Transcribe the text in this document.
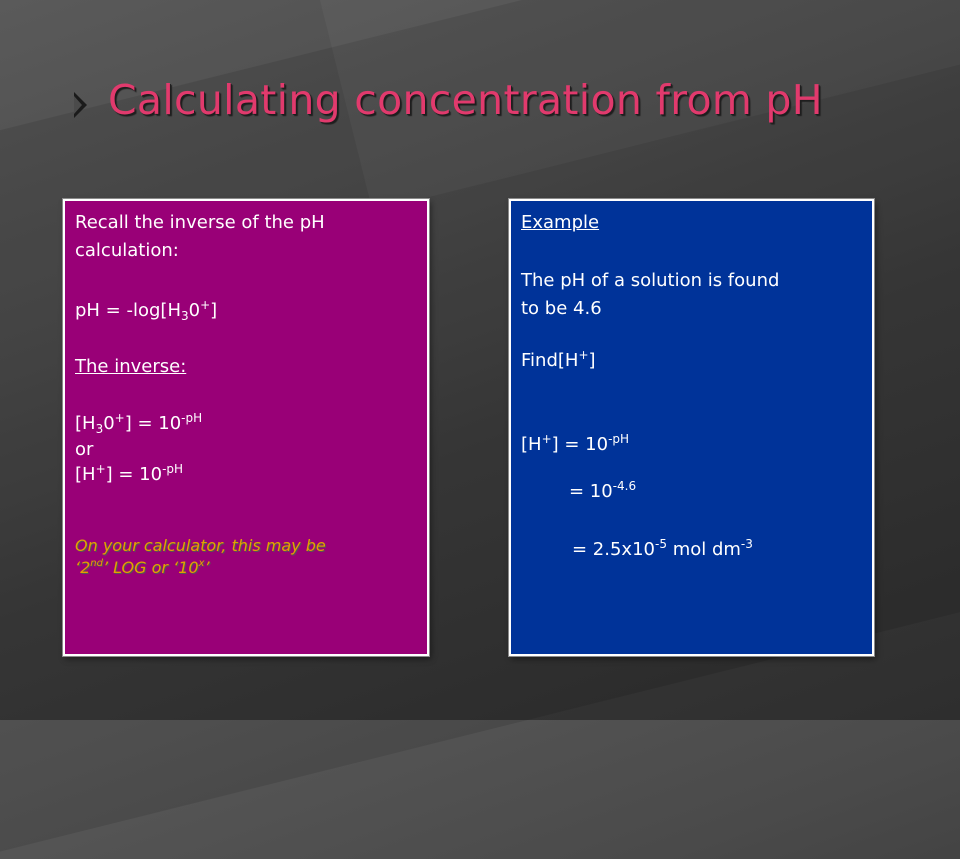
Calculating concentration from pH

Recall the inverse of the pH

calculation:

pH = $-\log[H_30^+]$

The inverse:

$[H_30^+] = 10^{-pH}$

or

$[H^+] = 10^{-pH}$

On your calculator, this may be

‘2nd’ LOG or ‘10$^x$’

Example

The pH of a solution is found

to be 4.6

Find[H+]

$[H^+] = 10^{-pH}$

= $10^{-4.6}$

= $2.5x10^{-5}$ mol $dm^{-3}$
